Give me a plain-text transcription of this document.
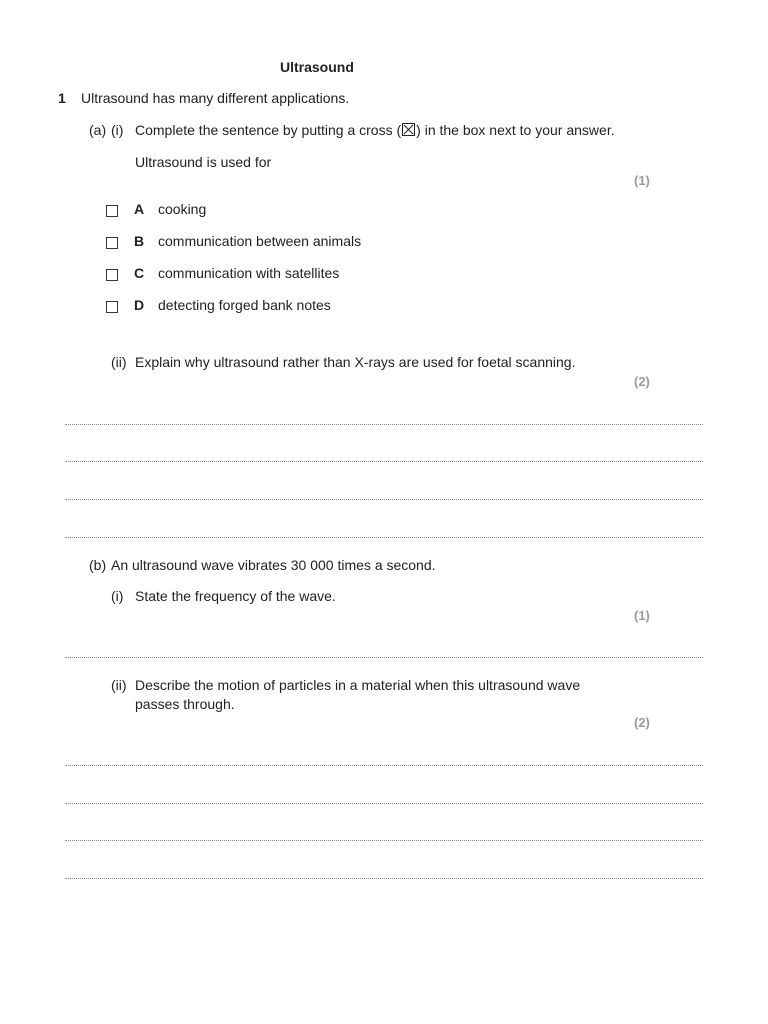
Ultrasound
1 Ultrasound has many different applications.
(a) (i) Complete the sentence by putting a cross (☒) in the box next to your answer.
Ultrasound is used for
(1)
A cooking
B communication between animals
C communication with satellites
D detecting forged bank notes
(ii) Explain why ultrasound rather than X-rays are used for foetal scanning.
(2)
(b) An ultrasound wave vibrates 30 000 times a second.
(i) State the frequency of the wave.
(1)
(ii) Describe the motion of particles in a material when this ultrasound wave
passes through.
(2)
